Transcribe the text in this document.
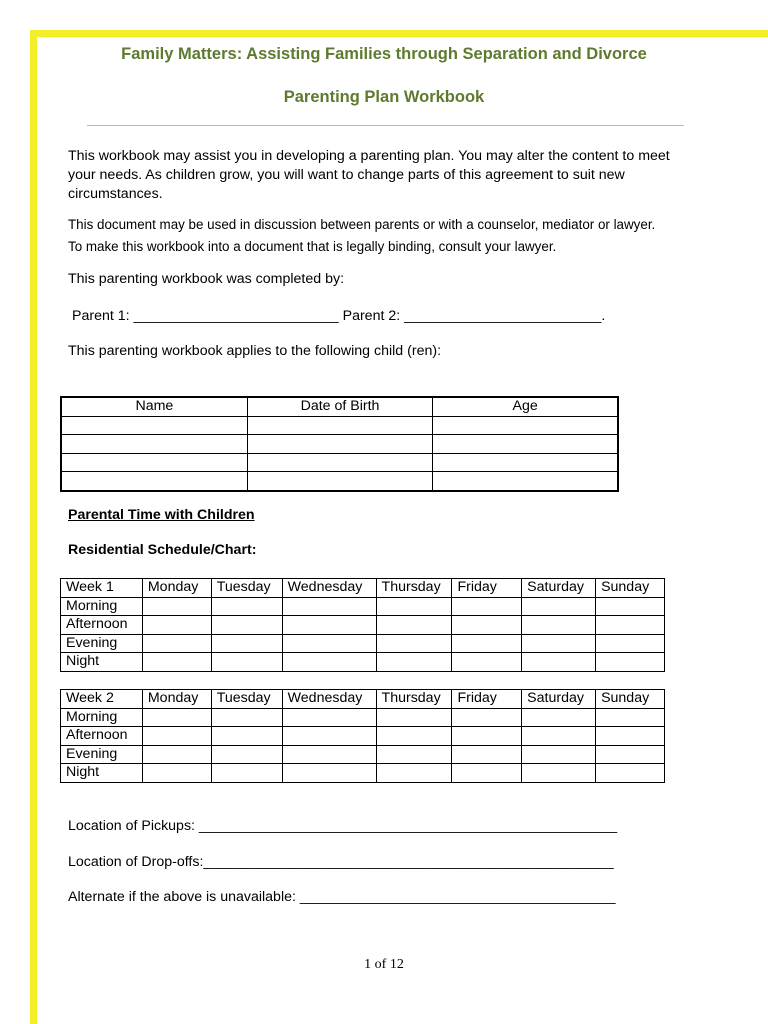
Family Matters: Assisting Families through Separation and Divorce
Parenting Plan Workbook

This workbook may assist you in developing a parenting plan. You may alter the content to meet your needs. As children grow, you will want to change parts of this agreement to suit new circumstances.

This document may be used in discussion between parents or with a counselor, mediator or lawyer. To make this workbook into a document that is legally binding, consult your lawyer.

This parenting workbook was completed by:

Parent 1: __________________________ Parent 2: _________________________.

This parenting workbook applies to the following child (ren):

Name	Date of Birth	Age

Parental Time with Children
Residential Schedule/Chart:
Week 1	Monday	Tuesday	Wednesday	Thursday	Friday	Saturday	Sunday
Morning							
Afternoon							
Evening							
Night							
Week 2	Monday	Tuesday	Wednesday	Thursday	Friday	Saturday	Sunday
Morning							
Afternoon							
Evening							
Night							

Location of Pickups: _____________________________________________________

Location of Drop-offs:____________________________________________________

Alternate if the above is unavailable: ________________________________________

1 of 12
